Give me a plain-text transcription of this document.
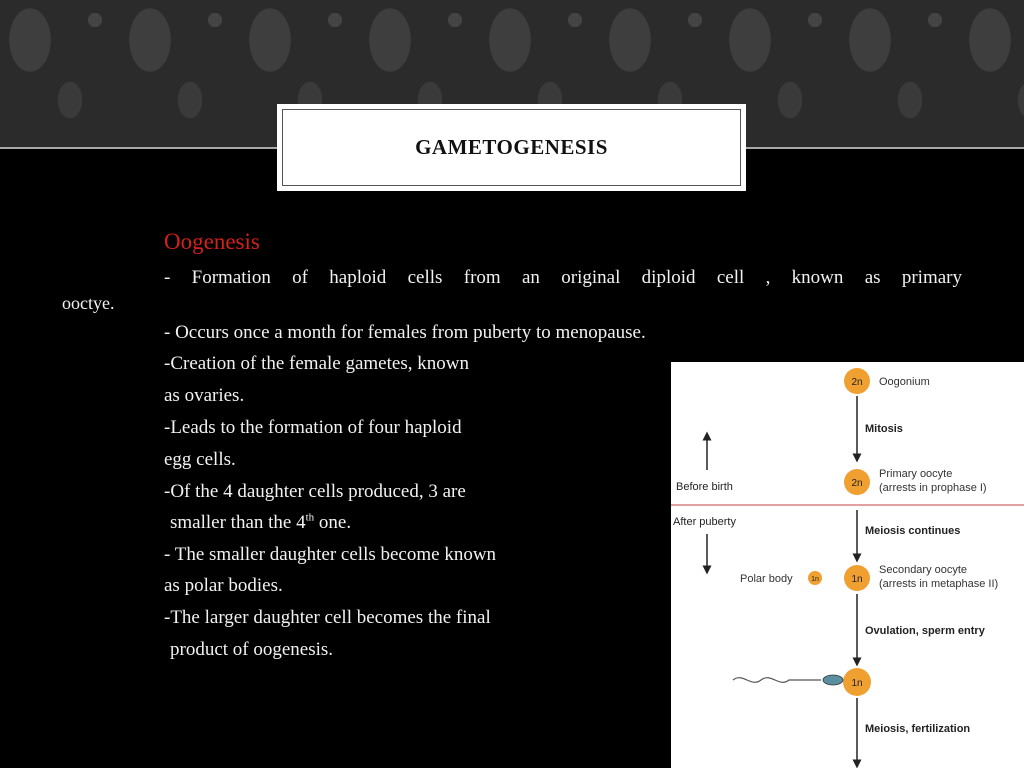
GAMETOGENESIS
Oogenesis
- Formation of haploid cells from an original diploid cell , known as primary
ooctye.
- Occurs once a month for females from puberty to menopause.
-Creation of the female gametes, known
as ovaries.
-Leads to the formation of four haploid
egg cells.
-Of the 4 daughter cells produced, 3 are
smaller than the 4th one.
- The smaller daughter cells become known
as polar bodies.
-The larger daughter cell becomes the final
product of oogenesis.
Before birth
After puberty
2n Oogonium
2n
Primary oocyte
(arrests in prophase I)
1n
Secondary oocyte
(arrests in metaphase II)
Polar body	1n
1n
Mitosis
Meiosis continues
Ovulation, sperm entry
Meiosis, fertilization
